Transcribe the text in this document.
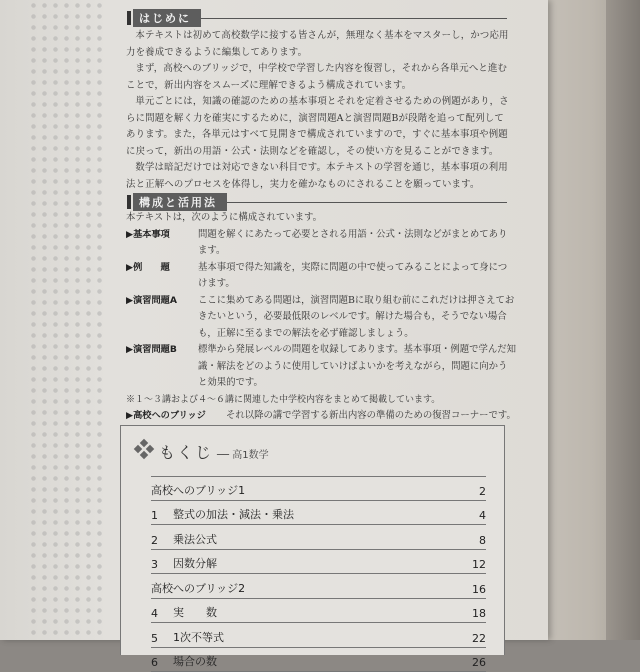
はじめに

本テキストは初めて高校数学に接する皆さんが，無理なく基本をマスターし，かつ応用力を養成できるように編集してあります。

まず，高校へのブリッジで，中学校で学習した内容を復習し，それから各単元へと進むことで，新出内容をスムーズに理解できるよう構成されています。

単元ごとには，知識の確認のための基本事項とそれを定着させるための例題があり，さらに問題を解く力を確実にするために，演習問題Aと演習問題Bが段階を追って配列してあります。また，各単元はすべて見開きで構成されていますので，すぐに基本事項や例題に戻って，新出の用語・公式・法則などを確認し，その使い方を見ることができます。

数学は暗記だけでは対応できない科目です。本テキストの学習を通じ，基本事項の利用法と正解へのプロセスを体得し，実力を確かなものにされることを願っています。

構成と活用法
本テキストは，次のように構成されています。
▶基本事項	問題を解くにあたって必要とされる用語・公式・法則などがまとめてあります。
▶例　　題	基本事項で得た知識を，実際に問題の中で使ってみることによって身につけます。
▶演習問題A	ここに集めてある問題は，演習問題Bに取り組む前にこれだけは押さえておきたいという，必要最低限のレベルです。解けた場合も，そうでない場合も，正解に至るまでの解法を必ず確認しましょう。
▶演習問題B	標準から発展レベルの問題を収録してあります。基本事項・例題で学んだ知識・解法をどのように使用していけばよいかを考えながら，問題に向かうと効果的です。
※１～３講および４～６講に関連した中学校内容をまとめて掲載しています。
▶高校へのブリッジ	それ以降の講で学習する新出内容の準備のための復習コーナーです。
もくじ ── 高1数学
高校へのブリッジ1	2
1	整式の加法・減法・乗法	4
2	乗法公式	8
3	因数分解	12
高校へのブリッジ2	16
4	実　　数	18
5	1次不等式	22
6	場合の数	26
